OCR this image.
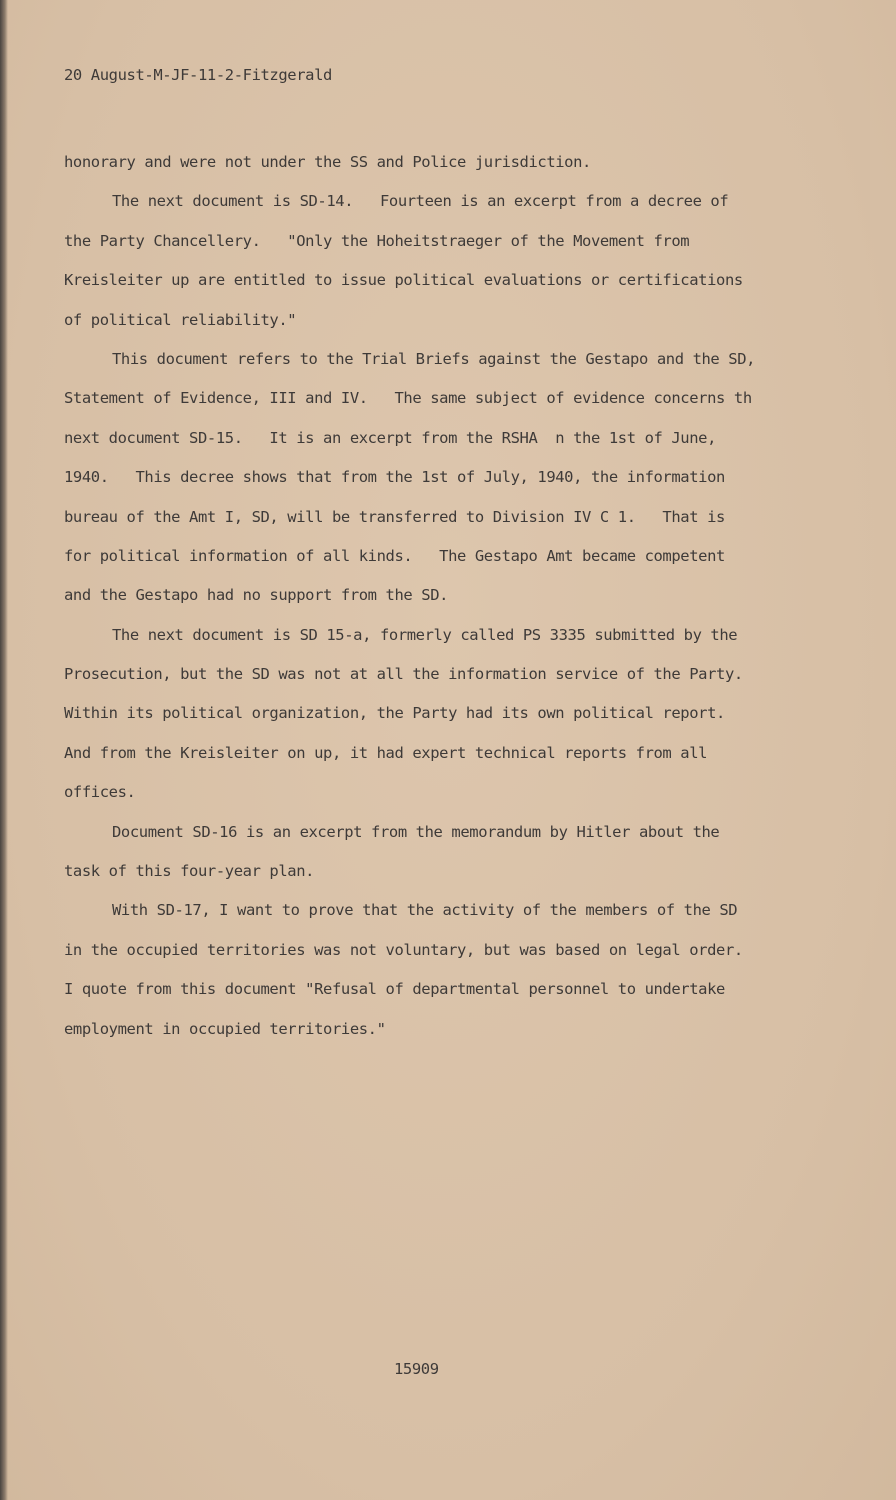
20 August-M-JF-11-2-Fitzgerald
honorary and were not under the SS and Police jurisdiction.
The next document is SD-14.   Fourteen is an excerpt from a decree of
the Party Chancellery.   "Only the Hoheitstraeger of the Movement from
Kreisleiter up are entitled to issue political evaluations or certifications
of political reliability."
This document refers to the Trial Briefs against the Gestapo and the SD,
Statement of Evidence, III and IV.   The same subject of evidence concerns th
next document SD-15.   It is an excerpt from the RSHA  n the 1st of June,
1940.   This decree shows that from the 1st of July, 1940, the information
bureau of the Amt I, SD, will be transferred to Division IV C 1.   That is
for political information of all kinds.   The Gestapo Amt became competent
and the Gestapo had no support from the SD.
The next document is SD 15-a, formerly called PS 3335 submitted by the
Prosecution, but the SD was not at all the information service of the Party.
Within its political organization, the Party had its own political report.
And from the Kreisleiter on up, it had expert technical reports from all
offices.
Document SD-16 is an excerpt from the memorandum by Hitler about the
task of this four-year plan.
With SD-17, I want to prove that the activity of the members of the SD
in the occupied territories was not voluntary, but was based on legal order.
I quote from this document "Refusal of departmental personnel to undertake
employment in occupied territories."
15909
